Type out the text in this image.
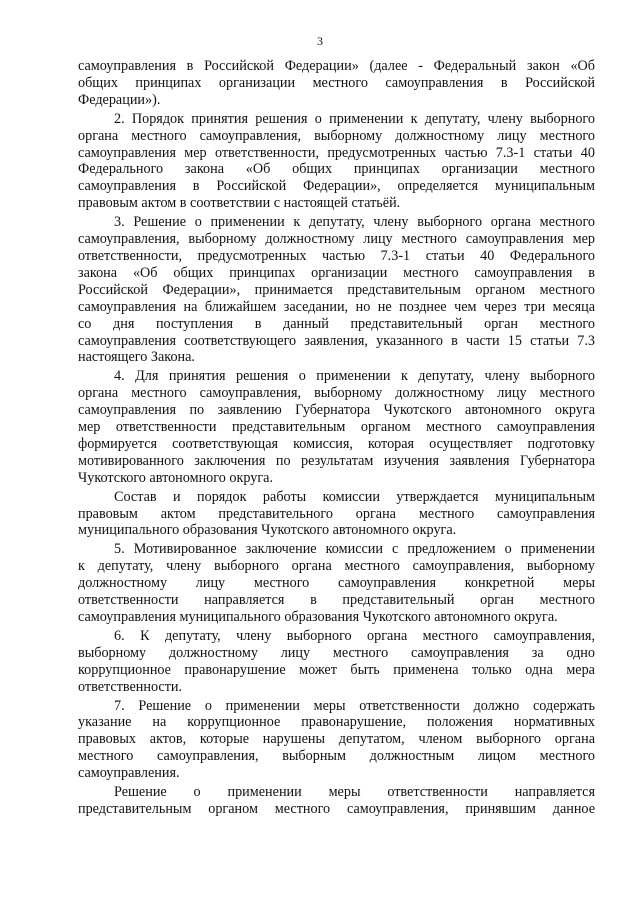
3

самоуправления в Российской Федерации» (далее - Федеральный закон «Об
общих принципах организации местного самоуправления в Российской
Федерации»).

2. Порядок принятия решения о применении к депутату, члену выборного
органа местного самоуправления, выборному должностному лицу местного
самоуправления мер ответственности, предусмотренных частью 7.3-1 статьи 40
Федерального закона «Об общих принципах организации местного
самоуправления в Российской Федерации», определяется муниципальным
правовым актом в соответствии с настоящей статьёй.

3. Решение о применении к депутату, члену выборного органа местного
самоуправления, выборному должностному лицу местного самоуправления мер
ответственности, предусмотренных частью 7.3-1 статьи 40 Федерального
закона «Об общих принципах организации местного самоуправления в
Российской Федерации», принимается представительным органом местного
самоуправления на ближайшем заседании, но не позднее чем через три месяца
со дня поступления в данный представительный орган местного
самоуправления соответствующего заявления, указанного в части 15 статьи 7.3
настоящего Закона.

4. Для принятия решения о применении к депутату, члену выборного
органа местного самоуправления, выборному должностному лицу местного
самоуправления по заявлению Губернатора Чукотского автономного округа
мер ответственности представительным органом местного самоуправления
формируется соответствующая комиссия, которая осуществляет подготовку
мотивированного заключения по результатам изучения заявления Губернатора
Чукотского автономного округа.

Состав и порядок работы комиссии утверждается муниципальным
правовым актом представительного органа местного самоуправления
муниципального образования Чукотского автономного округа.

5. Мотивированное заключение комиссии с предложением о применении
к депутату, члену выборного органа местного самоуправления, выборному
должностному лицу местного самоуправления конкретной меры
ответственности направляется в представительный орган местного
самоуправления муниципального образования Чукотского автономного округа.

6. К депутату, члену выборного органа местного самоуправления,
выборному должностному лицу местного самоуправления за одно
коррупционное правонарушение может быть применена только одна мера
ответственности.

7. Решение о применении меры ответственности должно содержать
указание на коррупционное правонарушение, положения нормативных
правовых актов, которые нарушены депутатом, членом выборного органа
местного самоуправления, выборным должностным лицом местного
самоуправления.

Решение о применении меры ответственности направляется
представительным органом местного самоуправления, принявшим данное
